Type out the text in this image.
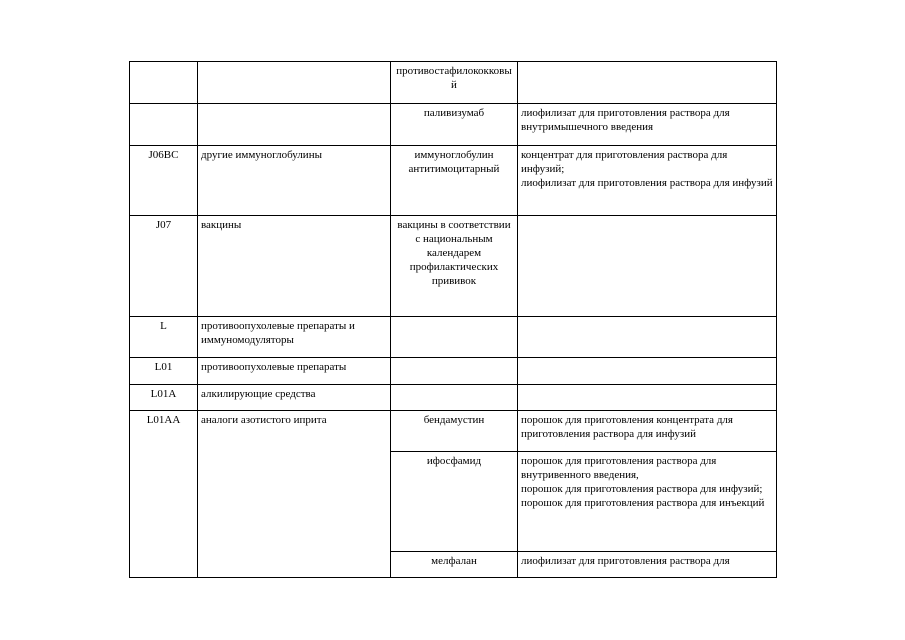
		противостафилококковый	
		паливизумаб	лиофилизат для приготовления раствора для внутримышечного введения

J06BC	другие иммуноглобулины	иммуноглобулин антитимоцитарный	концентрат для приготовления раствора для инфузий;
лиофилизат для приготовления раствора для инфузий

J07	вакцины	вакцины в соответствии с национальным календарем профилактических прививок	
L	противоопухолевые препараты и иммуномодуляторы		
L01	противоопухолевые препараты		
L01A	алкилирующие средства		
L01AA	аналоги азотистого иприта	бендамустин	порошок для приготовления концентрата для приготовления раствора для инфузий

		ифосфамид	порошок для приготовления раствора для внутривенного введения,
порошок для приготовления раствора для инфузий;
порошок для приготовления раствора для инъекций

		мелфалан	лиофилизат для приготовления раствора для
